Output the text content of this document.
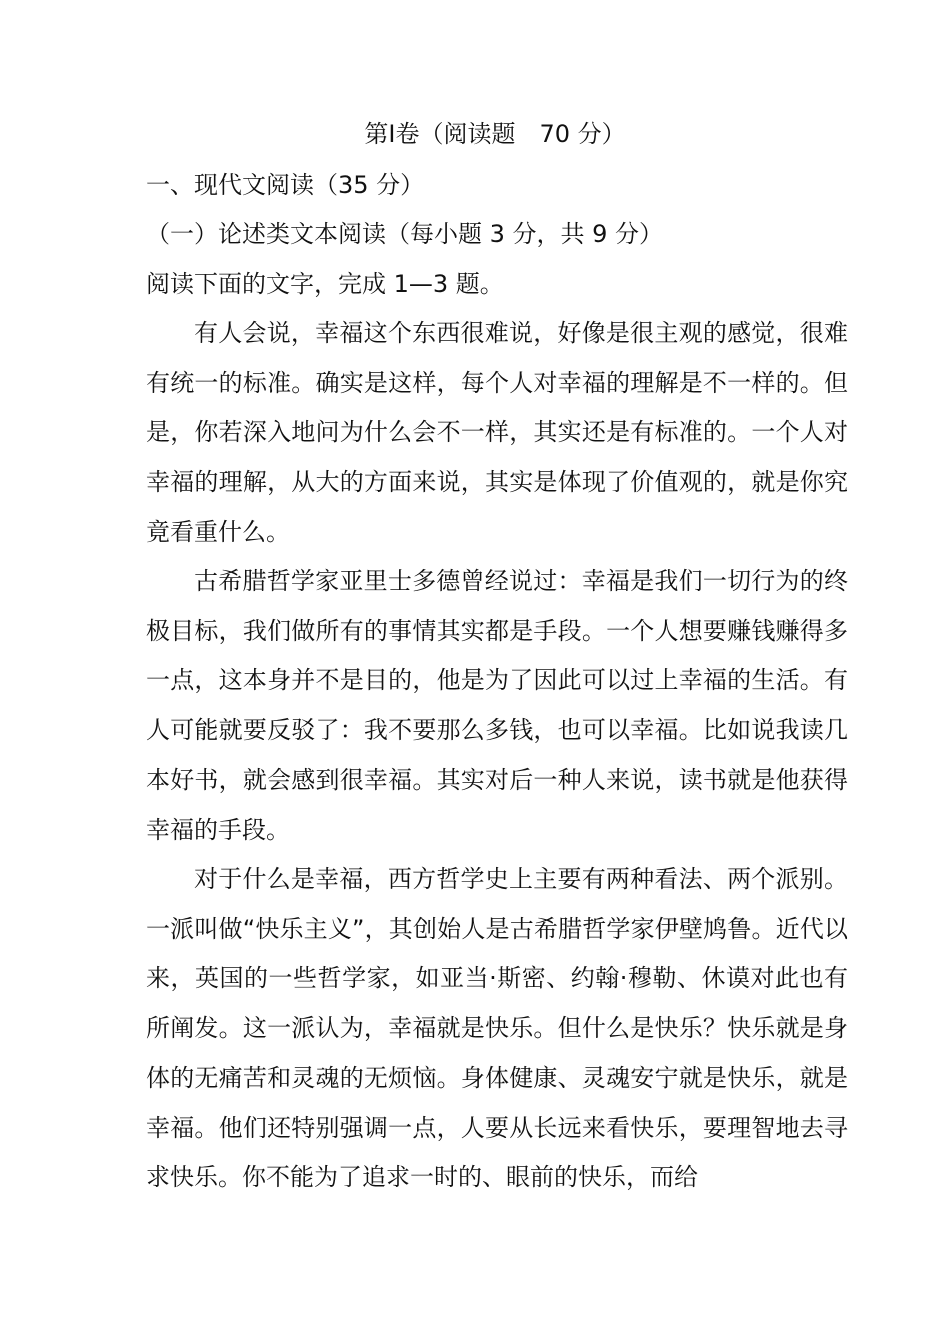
第Ⅰ卷（阅读题　70 分）
一、现代文阅读（35 分）
（一）论述类文本阅读（每小题 3 分，共 9 分）
阅读下面的文字，完成 1—3 题。

有人会说，幸福这个东西很难说，好像是很主观的感觉，很难有统一的标准。确实是这样，每个人对幸福的理解是不一样的。但是，你若深入地问为什么会不一样，其实还是有标准的。一个人对幸福的理解，从大的方面来说，其实是体现了价值观的，就是你究竟看重什么。

古希腊哲学家亚里士多德曾经说过：幸福是我们一切行为的终极目标，我们做所有的事情其实都是手段。一个人想要赚钱赚得多一点，这本身并不是目的，他是为了因此可以过上幸福的生活。有人可能就要反驳了：我不要那么多钱，也可以幸福。比如说我读几本好书，就会感到很幸福。其实对后一种人来说，读书就是他获得幸福的手段。

对于什么是幸福，西方哲学史上主要有两种看法、两个派别。一派叫做“快乐主义”，其创始人是古希腊哲学家伊壁鸠鲁。近代以来，英国的一些哲学家，如亚当·斯密、约翰·穆勒、休谟对此也有所阐发。这一派认为，幸福就是快乐。但什么是快乐？快乐就是身体的无痛苦和灵魂的无烦恼。身体健康、灵魂安宁就是快乐，就是幸福。他们还特别强调一点，人要从长远来看快乐，要理智地去寻求快乐。你不能为了追求一时的、眼前的快乐，而给
